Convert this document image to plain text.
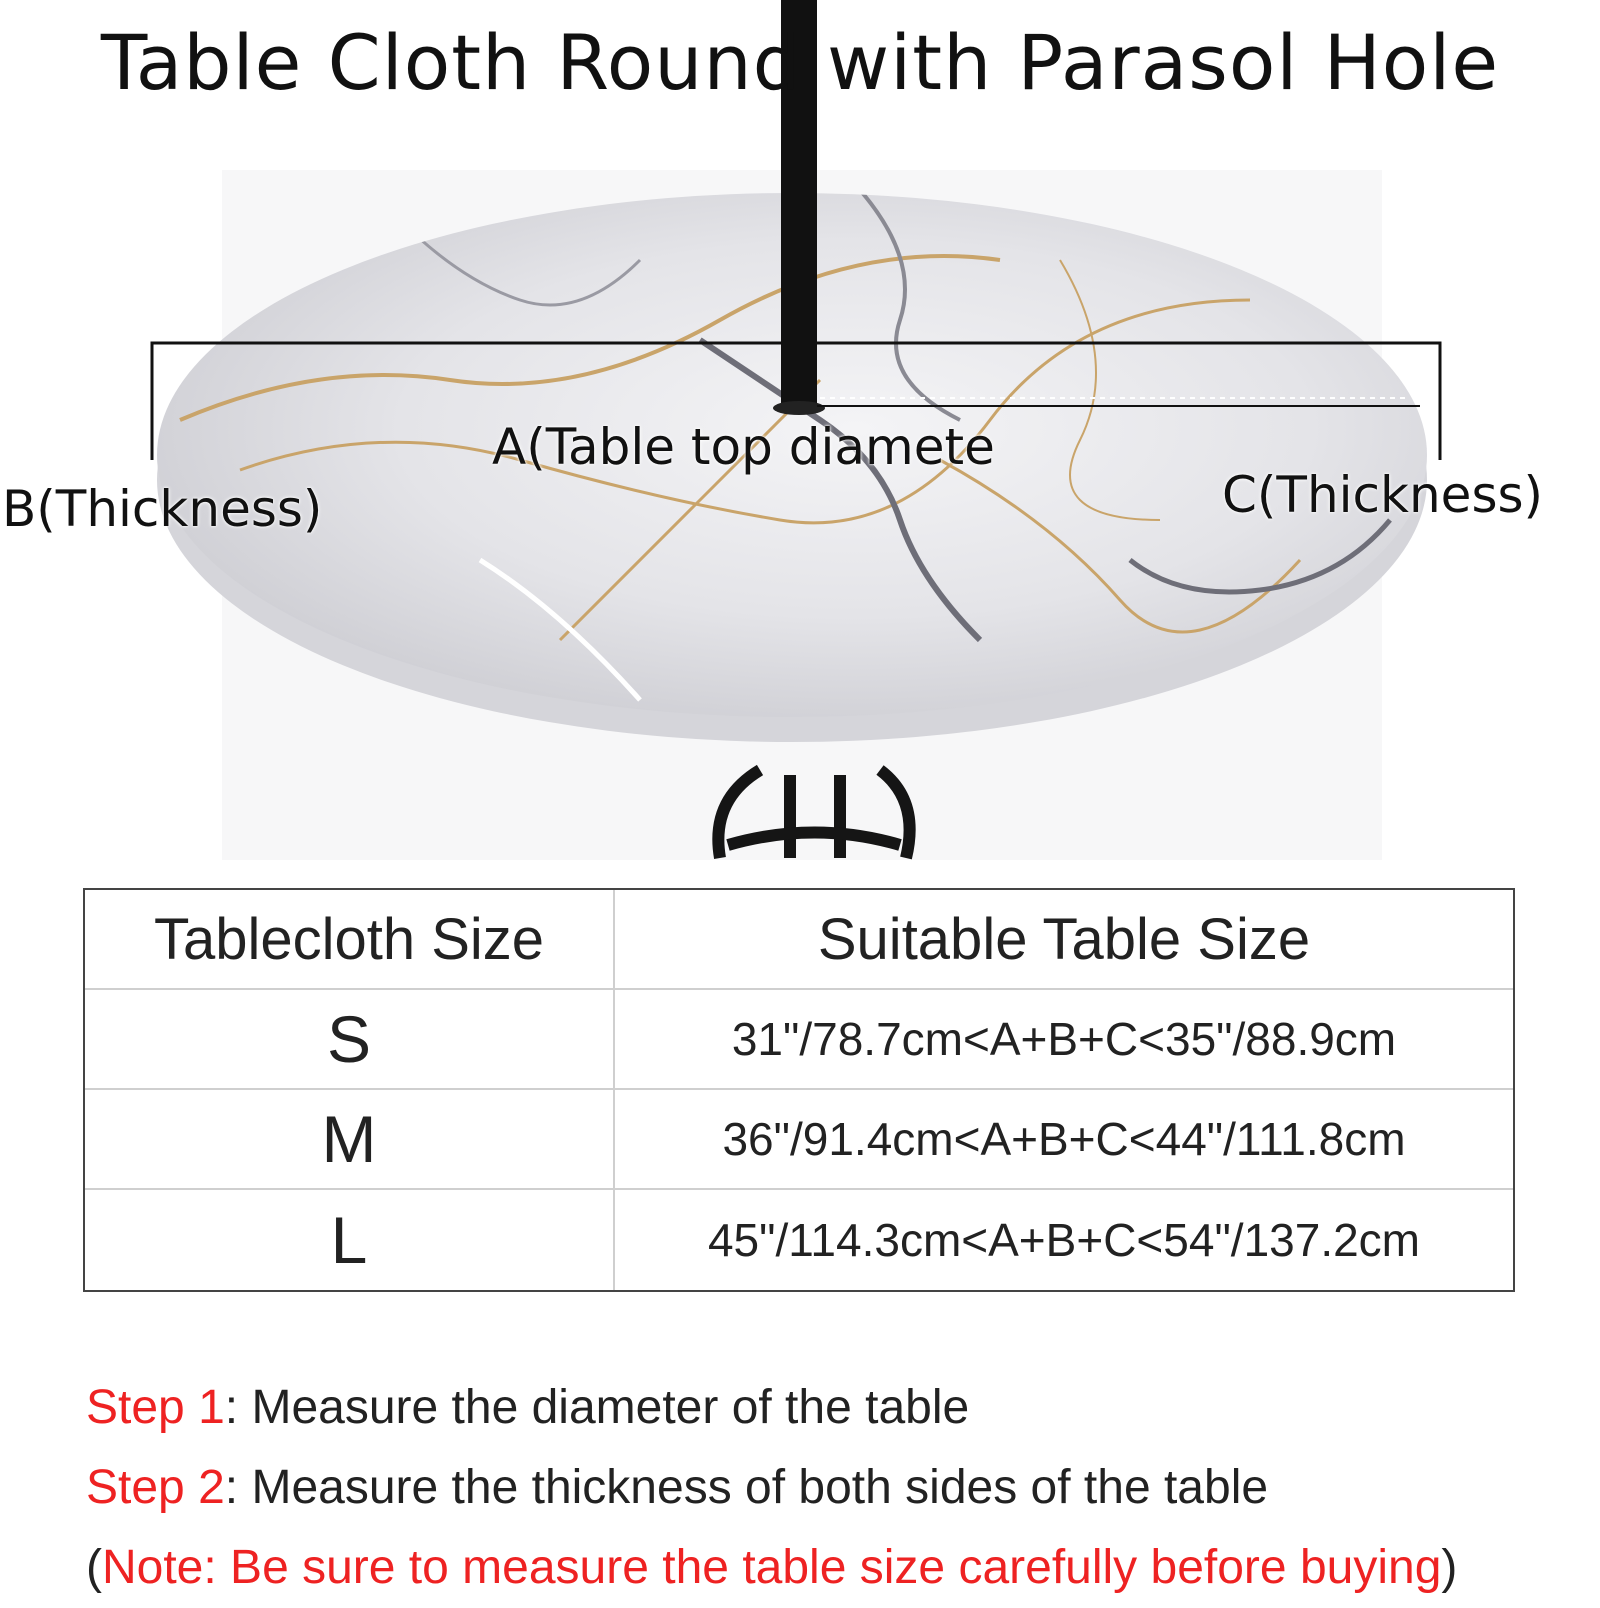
Table Cloth Round with Parasol Hole
A(Table top diamete
B(Thickness)	C(Thickness)
Tablecloth Size	Suitable Table Size
S	31"/78.7cm<A+B+C<35"/88.9cm
M	36"/91.4cm<A+B+C<44"/111.8cm
L	45"/114.3cm<A+B+C<54"/137.2cm
Step 1: Measure the diameter of the table
Step 2: Measure the thickness of both sides of the table
(Note: Be sure to measure the table size carefully before buying)
